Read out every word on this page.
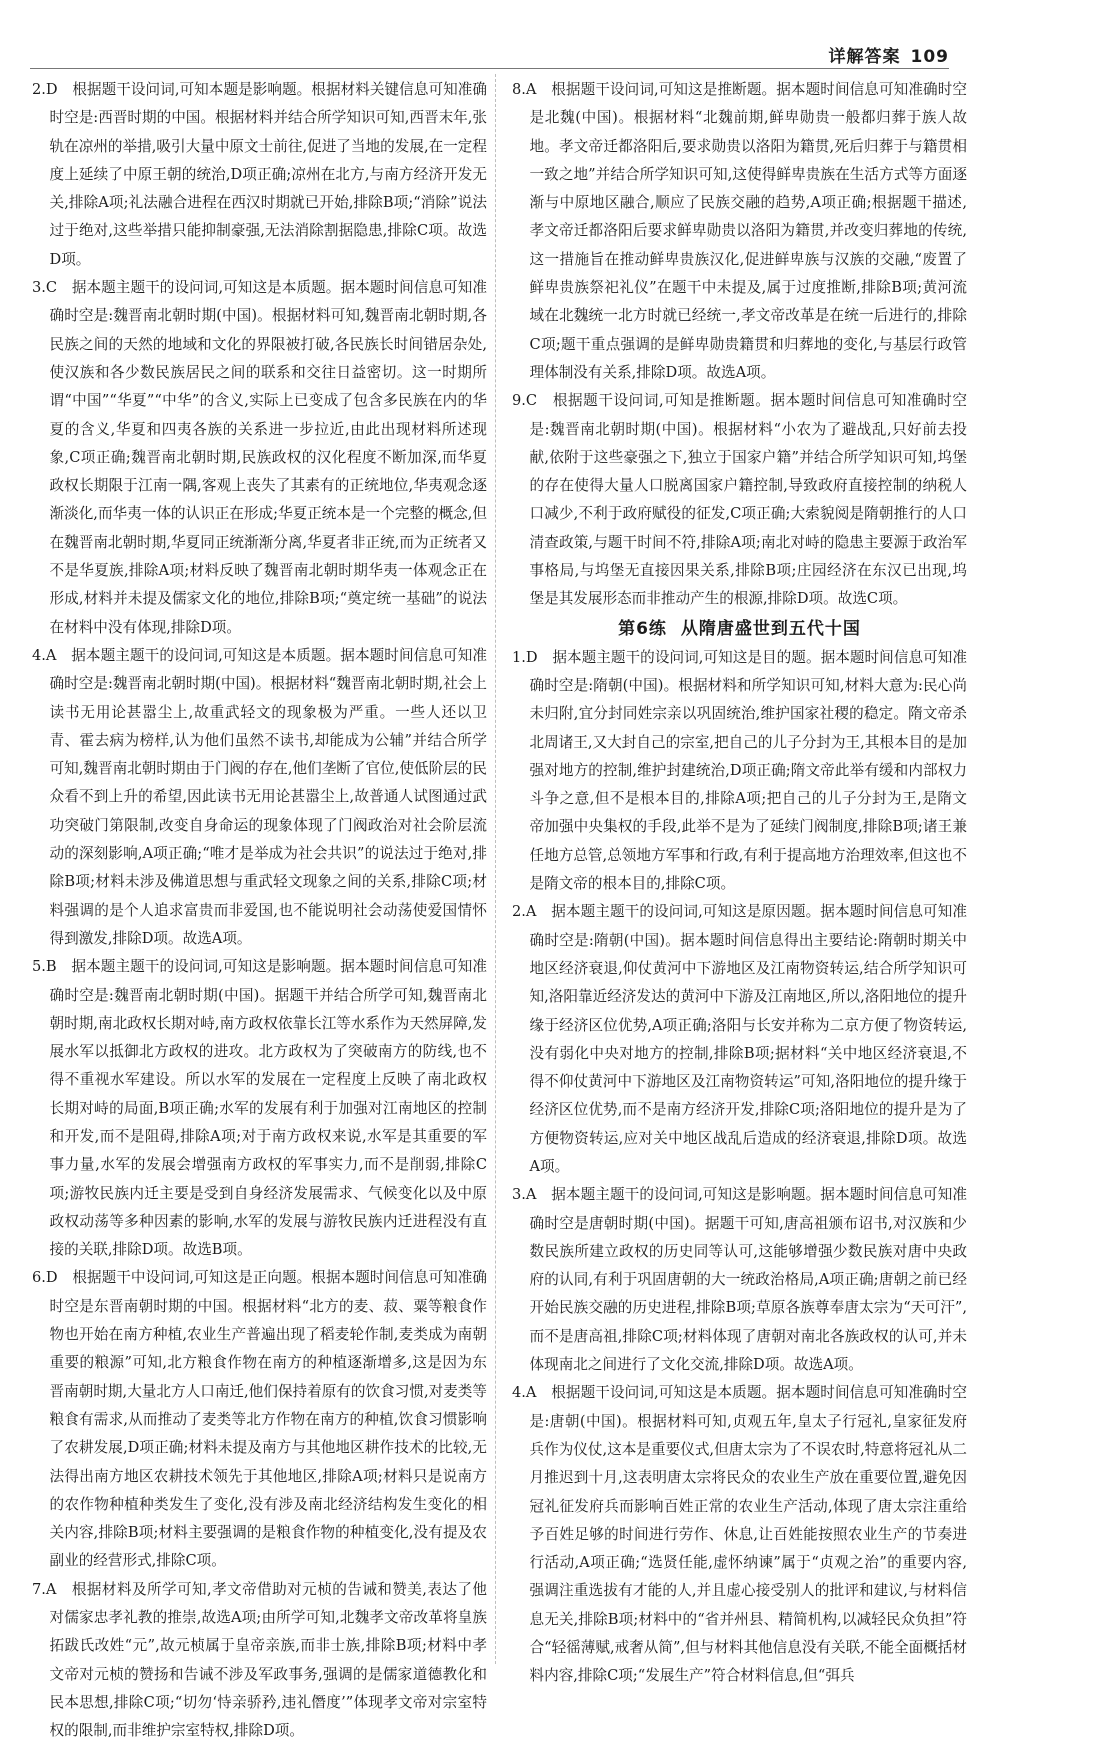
详解答案 109

2.D　根据题干设问词,可知本题是影响题。根据材料关键信息可知准确时空是:西晋时期的中国。根据材料并结合所学知识可知,西晋末年,张轨在凉州的举措,吸引大量中原文士前往,促进了当地的发展,在一定程度上延续了中原王朝的统治,D项正确;凉州在北方,与南方经济开发无关,排除A项;礼法融合进程在西汉时期就已开始,排除B项;“消除”说法过于绝对,这些举措只能抑制豪强,无法消除割据隐患,排除C项。故选D项。

3.C　据本题主题干的设问词,可知这是本质题。据本题时间信息可知准确时空是:魏晋南北朝时期(中国)。根据材料可知,魏晋南北朝时期,各民族之间的天然的地域和文化的界限被打破,各民族长时间错居杂处,使汉族和各少数民族居民之间的联系和交往日益密切。这一时期所谓“中国”“华夏”“中华”的含义,实际上已变成了包含多民族在内的华夏的含义,华夏和四夷各族的关系进一步拉近,由此出现材料所述现象,C项正确;魏晋南北朝时期,民族政权的汉化程度不断加深,而华夏政权长期限于江南一隅,客观上丧失了其素有的正统地位,华夷观念逐渐淡化,而华夷一体的认识正在形成;华夏正统本是一个完整的概念,但在魏晋南北朝时期,华夏同正统渐渐分离,华夏者非正统,而为正统者又不是华夏族,排除A项;材料反映了魏晋南北朝时期华夷一体观念正在形成,材料并未提及儒家文化的地位,排除B项;“奠定统一基础”的说法在材料中没有体现,排除D项。

4.A　据本题主题干的设问词,可知这是本质题。据本题时间信息可知准确时空是:魏晋南北朝时期(中国)。根据材料“魏晋南北朝时期,社会上读书无用论甚嚣尘上,故重武轻文的现象极为严重。一些人还以卫青、霍去病为榜样,认为他们虽然不读书,却能成为公辅”并结合所学可知,魏晋南北朝时期由于门阀的存在,他们垄断了官位,使低阶层的民众看不到上升的希望,因此读书无用论甚嚣尘上,故普通人试图通过武功突破门第限制,改变自身命运的现象体现了门阀政治对社会阶层流动的深刻影响,A项正确;“唯才是举成为社会共识”的说法过于绝对,排除B项;材料未涉及佛道思想与重武轻文现象之间的关系,排除C项;材料强调的是个人追求富贵而非爱国,也不能说明社会动荡使爱国情怀得到激发,排除D项。故选A项。

5.B　据本题主题干的设问词,可知这是影响题。据本题时间信息可知准确时空是:魏晋南北朝时期(中国)。据题干并结合所学可知,魏晋南北朝时期,南北政权长期对峙,南方政权依靠长江等水系作为天然屏障,发展水军以抵御北方政权的进攻。北方政权为了突破南方的防线,也不得不重视水军建设。所以水军的发展在一定程度上反映了南北政权长期对峙的局面,B项正确;水军的发展有利于加强对江南地区的控制和开发,而不是阻碍,排除A项;对于南方政权来说,水军是其重要的军事力量,水军的发展会增强南方政权的军事实力,而不是削弱,排除C项;游牧民族内迁主要是受到自身经济发展需求、气候变化以及中原政权动荡等多种因素的影响,水军的发展与游牧民族内迁进程没有直接的关联,排除D项。故选B项。

6.D　根据题干中设问词,可知这是正向题。根据本题时间信息可知准确时空是东晋南朝时期的中国。根据材料“北方的麦、菽、粟等粮食作物也开始在南方种植,农业生产普遍出现了稻麦轮作制,麦类成为南朝重要的粮源”可知,北方粮食作物在南方的种植逐渐增多,这是因为东晋南朝时期,大量北方人口南迁,他们保持着原有的饮食习惯,对麦类等粮食有需求,从而推动了麦类等北方作物在南方的种植,饮食习惯影响了农耕发展,D项正确;材料未提及南方与其他地区耕作技术的比较,无法得出南方地区农耕技术领先于其他地区,排除A项;材料只是说南方的农作物种植种类发生了变化,没有涉及南北经济结构发生变化的相关内容,排除B项;材料主要强调的是粮食作物的种植变化,没有提及农副业的经营形式,排除C项。

7.A　根据材料及所学可知,孝文帝借助对元桢的告诫和赞美,表达了他对儒家忠孝礼教的推崇,故选A项;由所学可知,北魏孝文帝改革将皇族拓跋氏改姓“元”,故元桢属于皇帝亲族,而非士族,排除B项;材料中孝文帝对元桢的赞扬和告诫不涉及军政事务,强调的是儒家道德教化和民本思想,排除C项;“切勿‘恃亲骄矜,违礼僭度’”体现孝文帝对宗室特权的限制,而非维护宗室特权,排除D项。

8.A　根据题干设问词,可知这是推断题。据本题时间信息可知准确时空是北魏(中国)。根据材料“北魏前期,鲜卑勋贵一般都归葬于族人故地。孝文帝迁都洛阳后,要求勋贵以洛阳为籍贯,死后归葬于与籍贯相一致之地”并结合所学知识可知,这使得鲜卑贵族在生活方式等方面逐渐与中原地区融合,顺应了民族交融的趋势,A项正确;根据题干描述,孝文帝迁都洛阳后要求鲜卑勋贵以洛阳为籍贯,并改变归葬地的传统,这一措施旨在推动鲜卑贵族汉化,促进鲜卑族与汉族的交融,“废置了鲜卑贵族祭祀礼仪”在题干中未提及,属于过度推断,排除B项;黄河流域在北魏统一北方时就已经统一,孝文帝改革是在统一后进行的,排除C项;题干重点强调的是鲜卑勋贵籍贯和归葬地的变化,与基层行政管理体制没有关系,排除D项。故选A项。

9.C　根据题干设问词,可知是推断题。据本题时间信息可知准确时空是:魏晋南北朝时期(中国)。根据材料“小农为了避战乱,只好前去投献,依附于这些豪强之下,独立于国家户籍”并结合所学知识可知,坞堡的存在使得大量人口脱离国家户籍控制,导致政府直接控制的纳税人口减少,不利于政府赋役的征发,C项正确;大索貌阅是隋朝推行的人口清查政策,与题干时间不符,排除A项;南北对峙的隐患主要源于政治军事格局,与坞堡无直接因果关系,排除B项;庄园经济在东汉已出现,坞堡是其发展形态而非推动产生的根源,排除D项。故选C项。

第6练 从隋唐盛世到五代十国

1.D　据本题主题干的设问词,可知这是目的题。据本题时间信息可知准确时空是:隋朝(中国)。根据材料和所学知识可知,材料大意为:民心尚未归附,宜分封同姓宗亲以巩固统治,维护国家社稷的稳定。隋文帝杀北周诸王,又大封自己的宗室,把自己的儿子分封为王,其根本目的是加强对地方的控制,维护封建统治,D项正确;隋文帝此举有缓和内部权力斗争之意,但不是根本目的,排除A项;把自己的儿子分封为王,是隋文帝加强中央集权的手段,此举不是为了延续门阀制度,排除B项;诸王兼任地方总管,总领地方军事和行政,有利于提高地方治理效率,但这也不是隋文帝的根本目的,排除C项。

2.A　据本题主题干的设问词,可知这是原因题。据本题时间信息可知准确时空是:隋朝(中国)。据本题时间信息得出主要结论:隋朝时期关中地区经济衰退,仰仗黄河中下游地区及江南物资转运,结合所学知识可知,洛阳靠近经济发达的黄河中下游及江南地区,所以,洛阳地位的提升缘于经济区位优势,A项正确;洛阳与长安并称为二京方便了物资转运,没有弱化中央对地方的控制,排除B项;据材料“关中地区经济衰退,不得不仰仗黄河中下游地区及江南物资转运”可知,洛阳地位的提升缘于经济区位优势,而不是南方经济开发,排除C项;洛阳地位的提升是为了方便物资转运,应对关中地区战乱后造成的经济衰退,排除D项。故选A项。

3.A　据本题主题干的设问词,可知这是影响题。据本题时间信息可知准确时空是唐朝时期(中国)。据题干可知,唐高祖颁布诏书,对汉族和少数民族所建立政权的历史同等认可,这能够增强少数民族对唐中央政府的认同,有利于巩固唐朝的大一统政治格局,A项正确;唐朝之前已经开始民族交融的历史进程,排除B项;草原各族尊奉唐太宗为“天可汗”,而不是唐高祖,排除C项;材料体现了唐朝对南北各族政权的认可,并未体现南北之间进行了文化交流,排除D项。故选A项。

4.A　根据题干设问词,可知这是本质题。据本题时间信息可知准确时空是:唐朝(中国)。根据材料可知,贞观五年,皇太子行冠礼,皇家征发府兵作为仪仗,这本是重要仪式,但唐太宗为了不误农时,特意将冠礼从二月推迟到十月,这表明唐太宗将民众的农业生产放在重要位置,避免因冠礼征发府兵而影响百姓正常的农业生产活动,体现了唐太宗注重给予百姓足够的时间进行劳作、休息,让百姓能按照农业生产的节奏进行活动,A项正确;“选贤任能,虚怀纳谏”属于“贞观之治”的重要内容,强调注重选拔有才能的人,并且虚心接受别人的批评和建议,与材料信息无关,排除B项;材料中的“省并州县、精简机构,以减轻民众负担”符合“轻徭薄赋,戒奢从简”,但与材料其他信息没有关联,不能全面概括材料内容,排除C项;“发展生产”符合材料信息,但“弭兵
